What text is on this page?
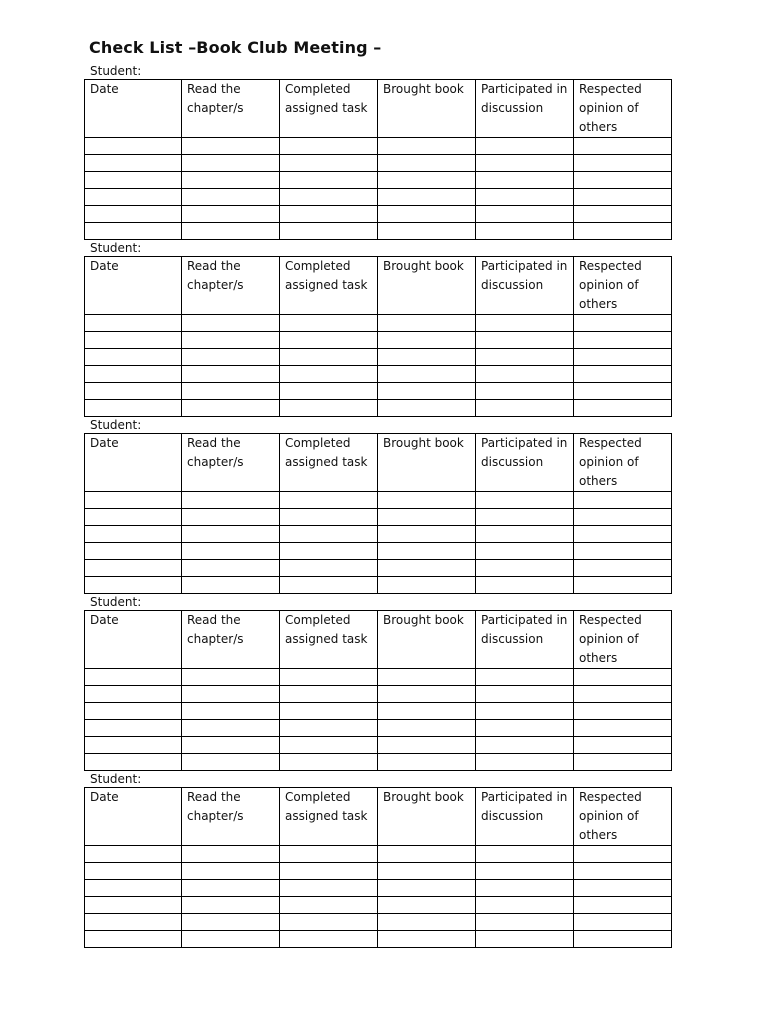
Check List –Book Club Meeting –
Student:
Date	Read the chapter/s	Completed assigned task	Brought book	Participated in discussion	Respected opinion of others

Student:
Date	Read the chapter/s	Completed assigned task	Brought book	Participated in discussion	Respected opinion of others

Student:
Date	Read the chapter/s	Completed assigned task	Brought book	Participated in discussion	Respected opinion of others

Student:
Date	Read the chapter/s	Completed assigned task	Brought book	Participated in discussion	Respected opinion of others

Student:
Date	Read the chapter/s	Completed assigned task	Brought book	Participated in discussion	Respected opinion of others
